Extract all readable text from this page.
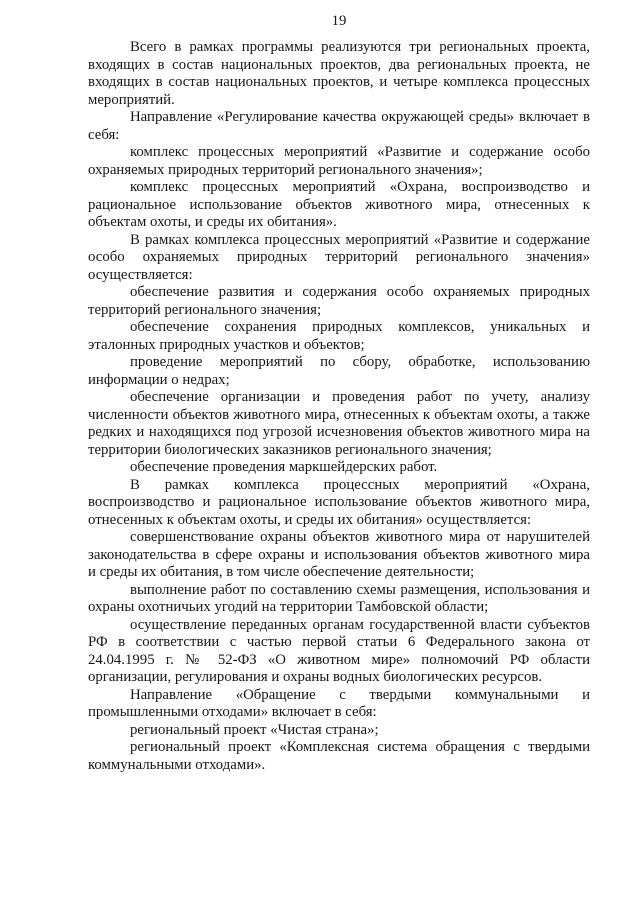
19
Всего в рамках программы реализуются три региональных проекта,
входящих в состав национальных проектов, два региональных проекта, не
входящих в состав национальных проектов, и четыре комплекса процессных
мероприятий.
Направление «Регулирование качества окружающей среды» включает в
себя:
комплекс процессных мероприятий «Развитие и содержание особо
охраняемых природных территорий регионального значения»;
комплекс процессных мероприятий «Охрана, воспроизводство и
рациональное использование объектов животного мира, отнесенных к
объектам охоты, и среды их обитания».
В рамках комплекса процессных мероприятий «Развитие и содержание
особо охраняемых природных территорий регионального значения»
осуществляется:
обеспечение развития и содержания особо охраняемых природных
территорий регионального значения;
обеспечение сохранения природных комплексов, уникальных и
эталонных природных участков и объектов;
проведение мероприятий по сбору, обработке, использованию
информации о недрах;
обеспечение организации и проведения работ по учету, анализу
численности объектов животного мира, отнесенных к объектам охоты, а также
редких и находящихся под угрозой исчезновения объектов животного мира на
территории биологических заказников регионального значения;
обеспечение проведения маркшейдерских работ.
В рамках комплекса процессных мероприятий «Охрана,
воспроизводство и рациональное использование объектов животного мира,
отнесенных к объектам охоты, и среды их обитания» осуществляется:
совершенствование охраны объектов животного мира от нарушителей
законодательства в сфере охраны и использования объектов животного мира
и среды их обитания, в том числе обеспечение деятельности;
выполнение работ по составлению схемы размещения, использования и
охраны охотничьих угодий на территории Тамбовской области;
осуществление переданных органам государственной власти субъектов
РФ в соответствии с частью первой статьи 6 Федерального закона от
24.04.1995 г. № 52-ФЗ «О животном мире» полномочий РФ области
организации, регулирования и охраны водных биологических ресурсов.
Направление «Обращение с твердыми коммунальными и
промышленными отходами» включает в себя:
региональный проект «Чистая страна»;
региональный проект «Комплексная система обращения с твердыми
коммунальными отходами».
